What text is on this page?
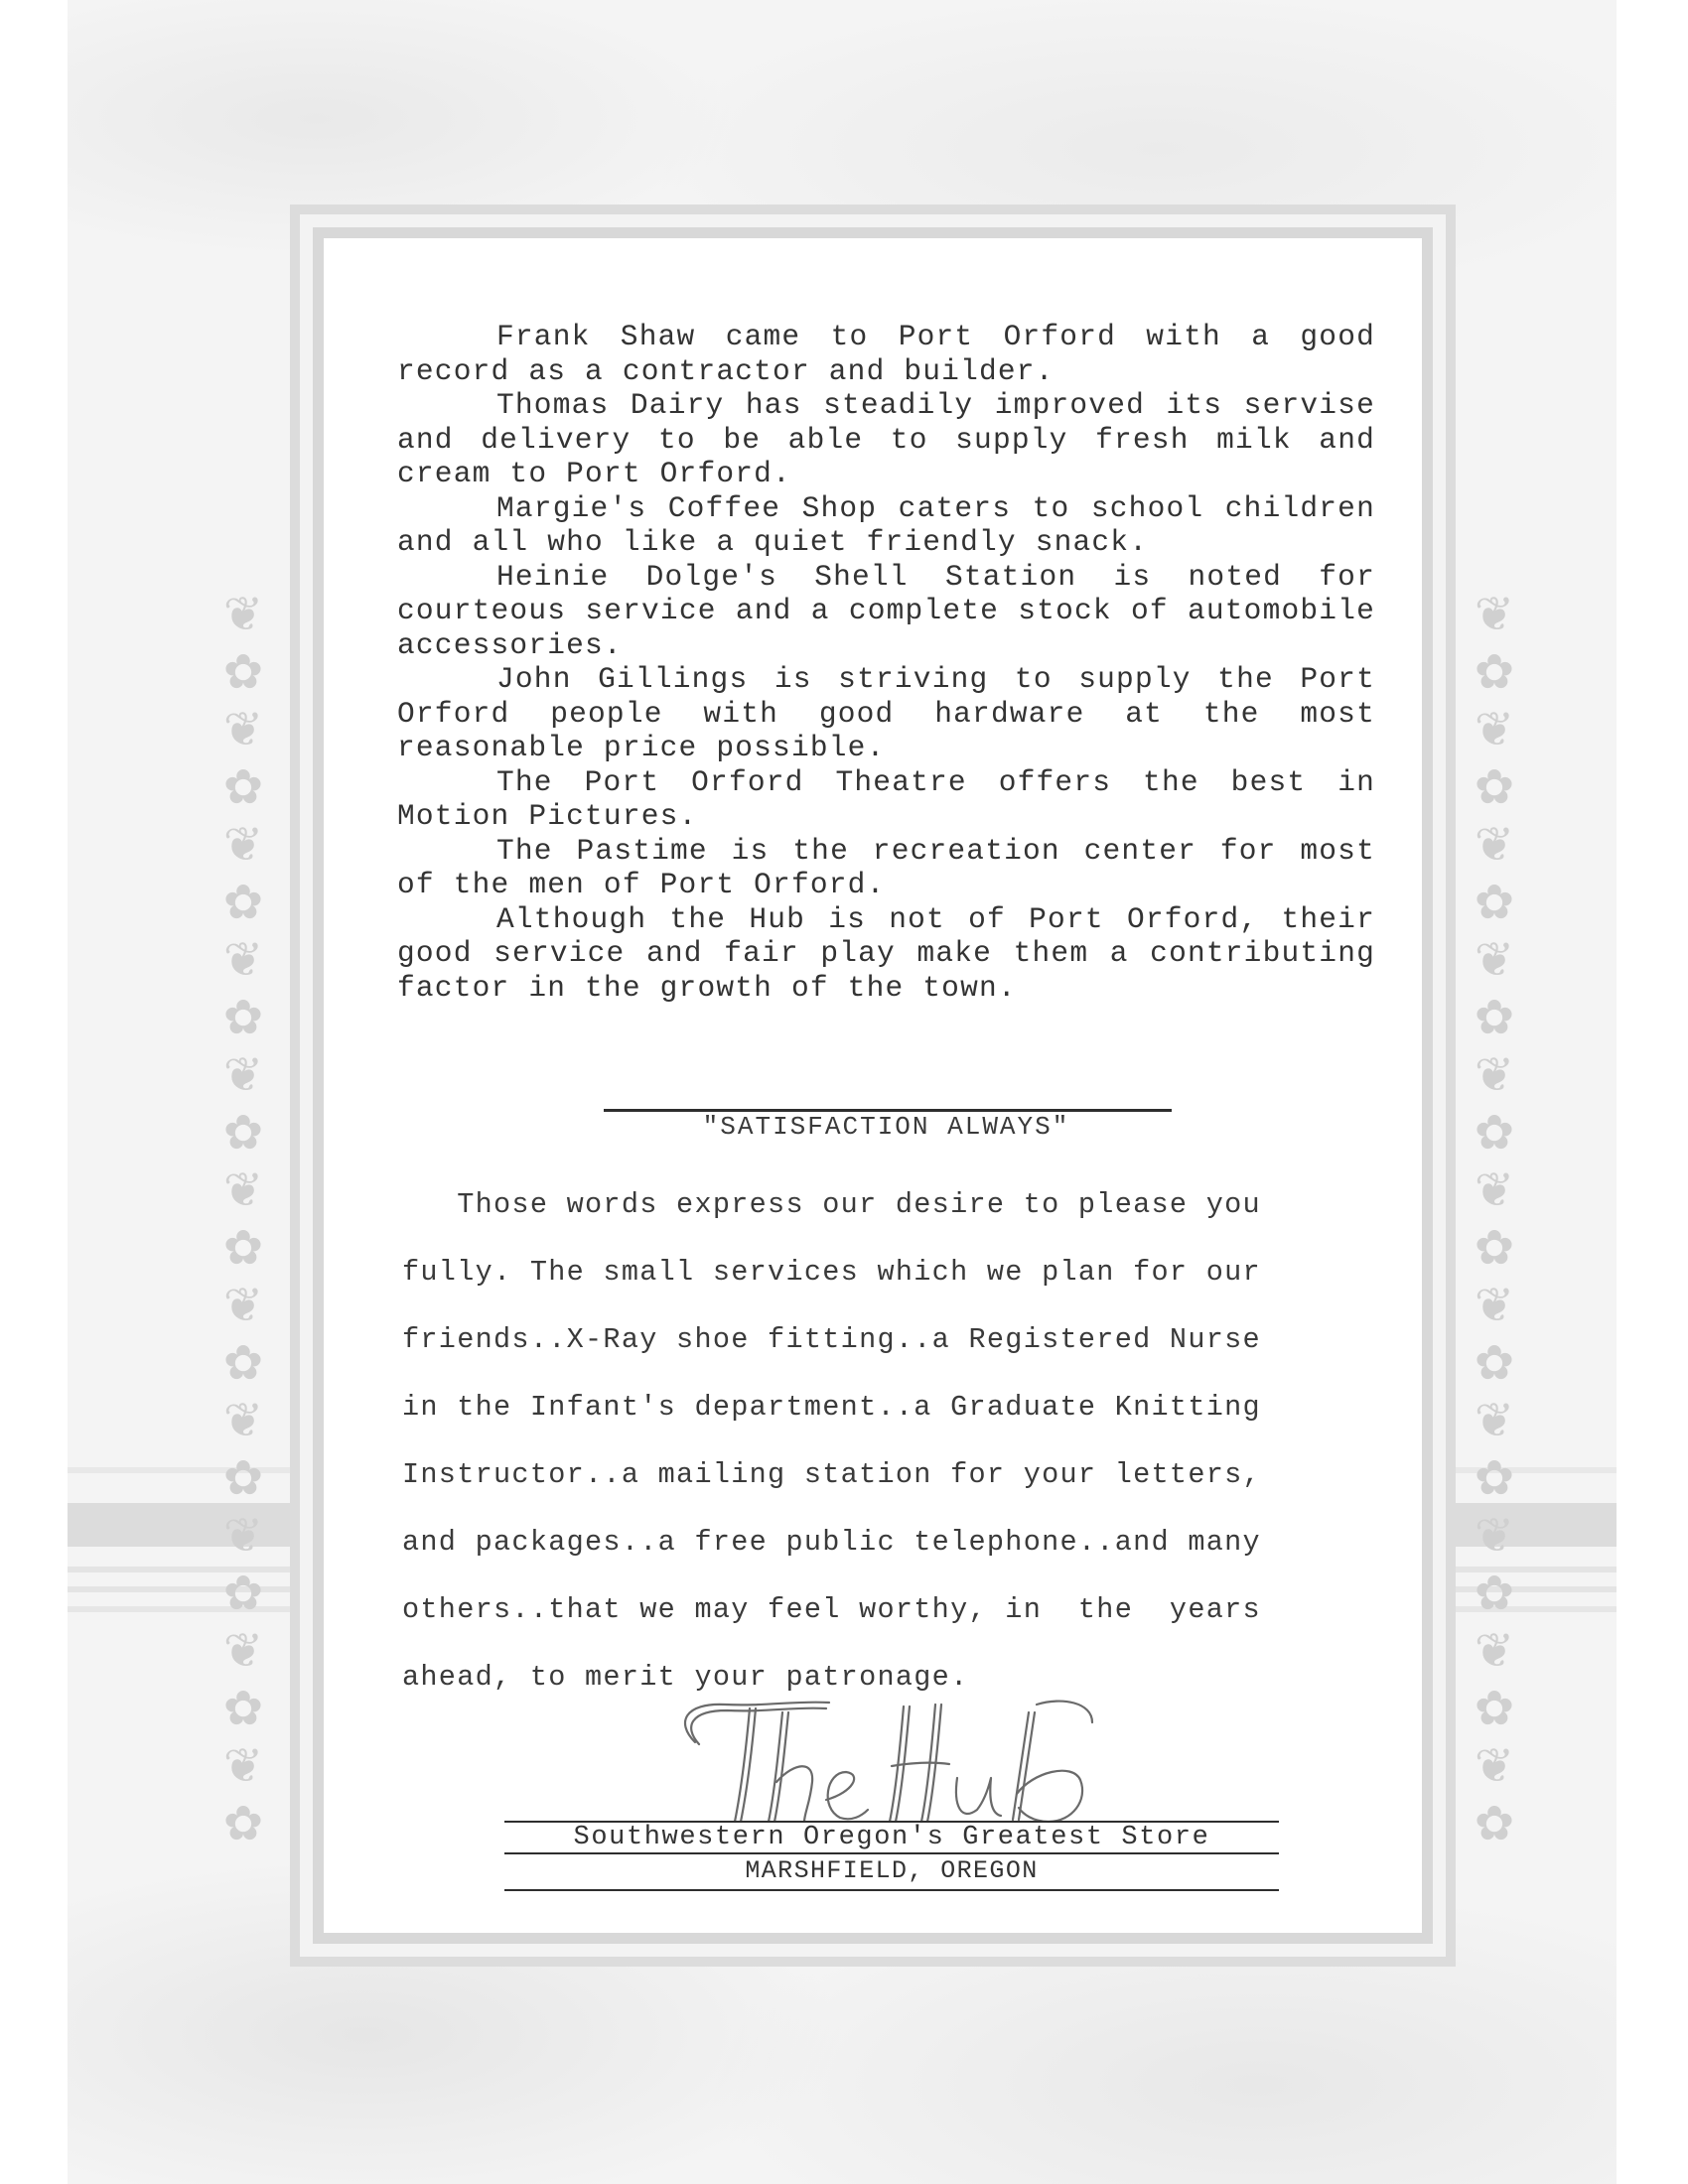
❦
✿
❦
✿
❦
✿
❦
✿
❦
✿
❦
✿
❦
✿
❦
✿
❦
✿
❦
✿
❦
✿
❦
✿
❦
✿
❦
✿
❦
✿
❦
✿
❦
✿
❦
✿
❦
✿
❦
✿
❦
✿
❦
✿

Frank Shaw came to Port Orford with a good record as a contractor and builder.

Thomas Dairy has steadily improved its servise and delivery to be able to supply fresh milk and cream to Port Orford.

Margie's Coffee Shop caters to school children and all who like a quiet friendly snack.

Heinie Dolge's Shell Station is noted for courteous service and a complete stock of automobile accessories.

John Gillings is striving to supply the Port Orford people with good hardware at the most reasonable price possible.

The Port Orford Theatre offers the best in Motion Pictures.

The Pastime is the recreation center for most of the men of Port Orford.

Although the Hub is not of Port Orford, their good service and fair play make them a contributing factor in the growth of the town.

"SATISFACTION ALWAYS"
Those words express our desire to please you
fully. The small services which we plan for our
friends..X-Ray shoe fitting..a Registered Nurse
in the Infant's department..a Graduate Knitting
Instructor..a mailing station for your letters,
and packages..a free public telephone..and many
others..that we may feel worthy, in  the  years
ahead, to merit your patronage.
Southwestern Oregon's Greatest Store
MARSHFIELD, OREGON
